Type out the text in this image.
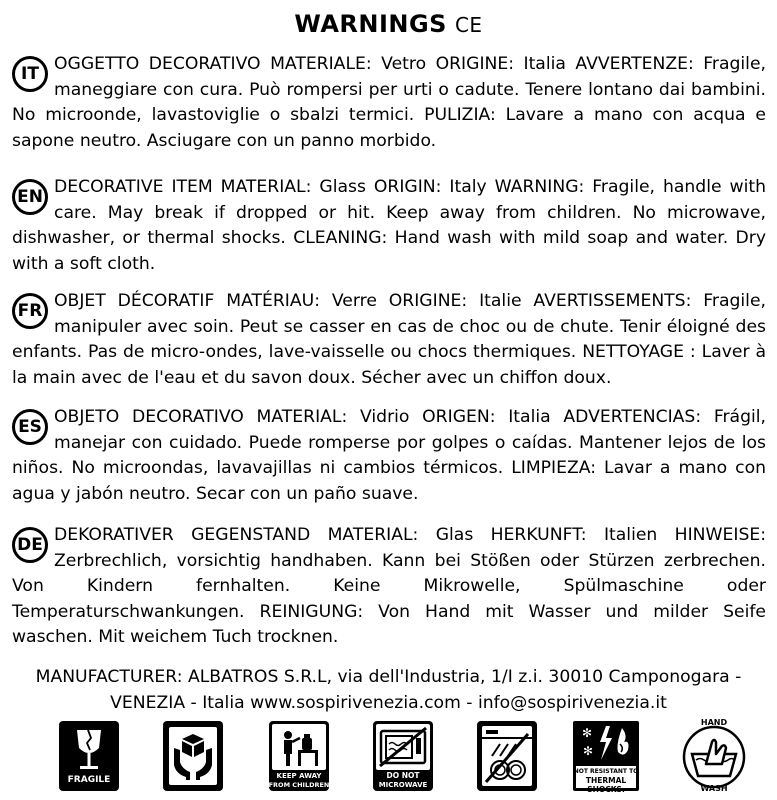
WARNINGS CE
IT OGGETTO DECORATIVO MATERIALE: Vetro ORIGINE: Italia AVVERTENZE: Fragile, maneggiare con cura. Può rompersi per urti o cadute. Tenere lontano dai bambini. No microonde, lavastoviglie o sbalzi termici. PULIZIA: Lavare a mano con acqua e sapone neutro. Asciugare con un panno morbido.
EN DECORATIVE ITEM MATERIAL: Glass ORIGIN: Italy WARNING: Fragile, handle with care. May break if dropped or hit. Keep away from children. No microwave, dishwasher, or thermal shocks. CLEANING: Hand wash with mild soap and water. Dry with a soft cloth.
FR OBJET DÉCORATIF MATÉRIAU: Verre ORIGINE: Italie AVERTISSEMENTS: Fragile, manipuler avec soin. Peut se casser en cas de choc ou de chute. Tenir éloigné des enfants. Pas de micro-ondes, lave-vaisselle ou chocs thermiques. NETTOYAGE : Laver à la main avec de l'eau et du savon doux. Sécher avec un chiffon doux.
ES OBJETO DECORATIVO MATERIAL: Vidrio ORIGEN: Italia ADVERTENCIAS: Frágil, manejar con cuidado. Puede romperse por golpes o caídas. Mantener lejos de los niños. No microondas, lavavajillas ni cambios térmicos. LIMPIEZA: Lavar a mano con agua y jabón neutro. Secar con un paño suave.
DE DEKORATIVER GEGENSTAND MATERIAL: Glas HERKUNFT: Italien HINWEISE: Zerbrechlich, vorsichtig handhaben. Kann bei Stößen oder Stürzen zerbrechen. Von Kindern fernhalten. Keine Mikrowelle, Spülmaschine oder Temperaturschwankungen. REINIGUNG: Von Hand mit Wasser und milder Seife waschen. Mit weichem Tuch trocknen.
MANUFACTURER: ALBATROS S.R.L, via dell'Industria, 1/I z.i. 30010 Camponogara -
VENEZIA - Italia www.sospirivenezia.com - info@sospirivenezia.it
FRAGILE	KEEP AWAY
FROM CHILDREN
DO NOT
MICROWAVE
✻
✻
NOT RESISTANT TO
THERMAL SHOCKS.
HAND
WASH
